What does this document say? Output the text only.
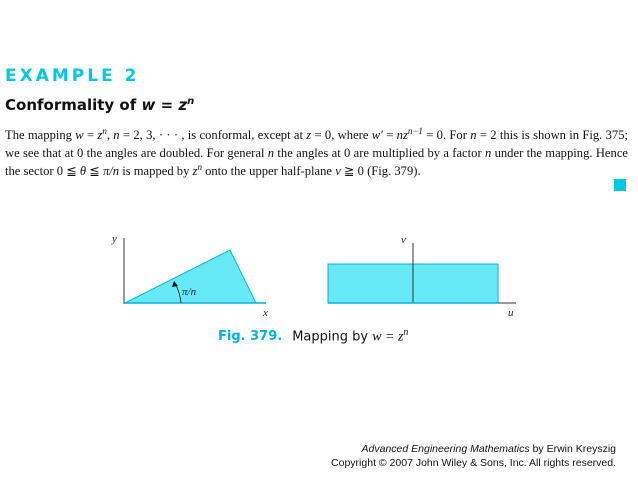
EXAMPLE 2
Conformality of $w = z^n$
The mapping $w = z^n$, n = 2, 3, · · · , is conformal, except at z = 0, where $w' = nz^{n-1} = 0$. For n = 2 this is shown in Fig. 375; we see that at 0 the angles are doubled. For general n the angles at 0 are multiplied by a factor n under the mapping. Hence the sector 0 ≦ θ ≦ π/n is mapped by $z^n$ onto the upper half-plane v ≧ 0 (Fig. 379).
y
x
π/n
v
u
Fig. 379. Mapping by $w = z^n$
Advanced Engineering Mathematics by Erwin Kreyszig
Copyright © 2007 John Wiley & Sons, Inc. All rights reserved.
